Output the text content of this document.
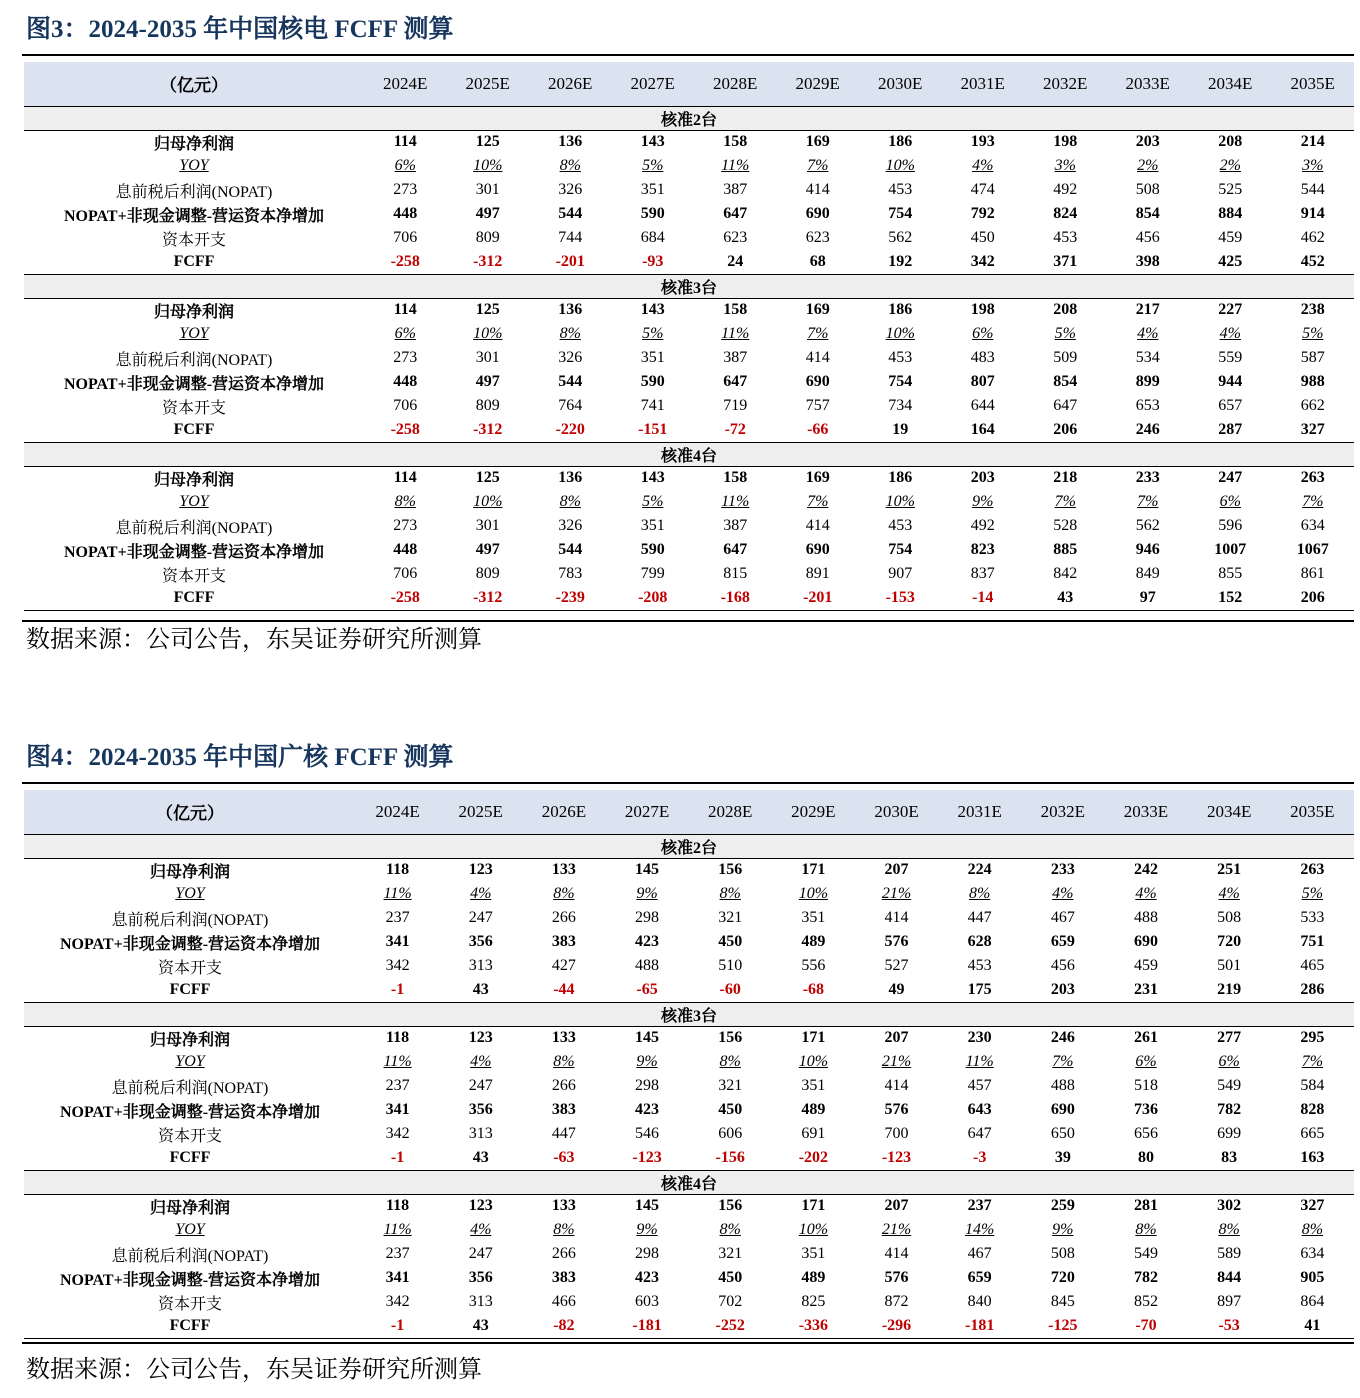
图3：2024-2035 年中国核电 FCFF 测算
（亿元）	2024E	2025E	2026E	2027E	2028E	2029E	2030E	2031E	2032E	2033E	2034E	2035E
核准2台												
归母净利润	114	125	136	143	158	169	186	193	198	203	208	214
YOY	6%	10%	8%	5%	11%	7%	10%	4%	3%	2%	2%	3%
息前税后利润(NOPAT)	273	301	326	351	387	414	453	474	492	508	525	544
NOPAT+非现金调整-营运资本净增加	448	497	544	590	647	690	754	792	824	854	884	914
资本开支	706	809	744	684	623	623	562	450	453	456	459	462
FCFF	-258	-312	-201	-93	24	68	192	342	371	398	425	452
核准3台												
归母净利润	114	125	136	143	158	169	186	198	208	217	227	238
YOY	6%	10%	8%	5%	11%	7%	10%	6%	5%	4%	4%	5%
息前税后利润(NOPAT)	273	301	326	351	387	414	453	483	509	534	559	587
NOPAT+非现金调整-营运资本净增加	448	497	544	590	647	690	754	807	854	899	944	988
资本开支	706	809	764	741	719	757	734	644	647	653	657	662
FCFF	-258	-312	-220	-151	-72	-66	19	164	206	246	287	327
核准4台												
归母净利润	114	125	136	143	158	169	186	203	218	233	247	263
YOY	8%	10%	8%	5%	11%	7%	10%	9%	7%	7%	6%	7%
息前税后利润(NOPAT)	273	301	326	351	387	414	453	492	528	562	596	634
NOPAT+非现金调整-营运资本净增加	448	497	544	590	647	690	754	823	885	946	1007	1067
资本开支	706	809	783	799	815	891	907	837	842	849	855	861
FCFF	-258	-312	-239	-208	-168	-201	-153	-14	43	97	152	206
数据来源：公司公告，东吴证券研究所测算
图4：2024-2035 年中国广核 FCFF 测算
（亿元）	2024E	2025E	2026E	2027E	2028E	2029E	2030E	2031E	2032E	2033E	2034E	2035E
核准2台												
归母净利润	118	123	133	145	156	171	207	224	233	242	251	263
YOY	11%	4%	8%	9%	8%	10%	21%	8%	4%	4%	4%	5%
息前税后利润(NOPAT)	237	247	266	298	321	351	414	447	467	488	508	533
NOPAT+非现金调整-营运资本净增加	341	356	383	423	450	489	576	628	659	690	720	751
资本开支	342	313	427	488	510	556	527	453	456	459	501	465
FCFF	-1	43	-44	-65	-60	-68	49	175	203	231	219	286
核准3台												
归母净利润	118	123	133	145	156	171	207	230	246	261	277	295
YOY	11%	4%	8%	9%	8%	10%	21%	11%	7%	6%	6%	7%
息前税后利润(NOPAT)	237	247	266	298	321	351	414	457	488	518	549	584
NOPAT+非现金调整-营运资本净增加	341	356	383	423	450	489	576	643	690	736	782	828
资本开支	342	313	447	546	606	691	700	647	650	656	699	665
FCFF	-1	43	-63	-123	-156	-202	-123	-3	39	80	83	163
核准4台												
归母净利润	118	123	133	145	156	171	207	237	259	281	302	327
YOY	11%	4%	8%	9%	8%	10%	21%	14%	9%	8%	8%	8%
息前税后利润(NOPAT)	237	247	266	298	321	351	414	467	508	549	589	634
NOPAT+非现金调整-营运资本净增加	341	356	383	423	450	489	576	659	720	782	844	905
资本开支	342	313	466	603	702	825	872	840	845	852	897	864
FCFF	-1	43	-82	-181	-252	-336	-296	-181	-125	-70	-53	41
数据来源：公司公告，东吴证券研究所测算
